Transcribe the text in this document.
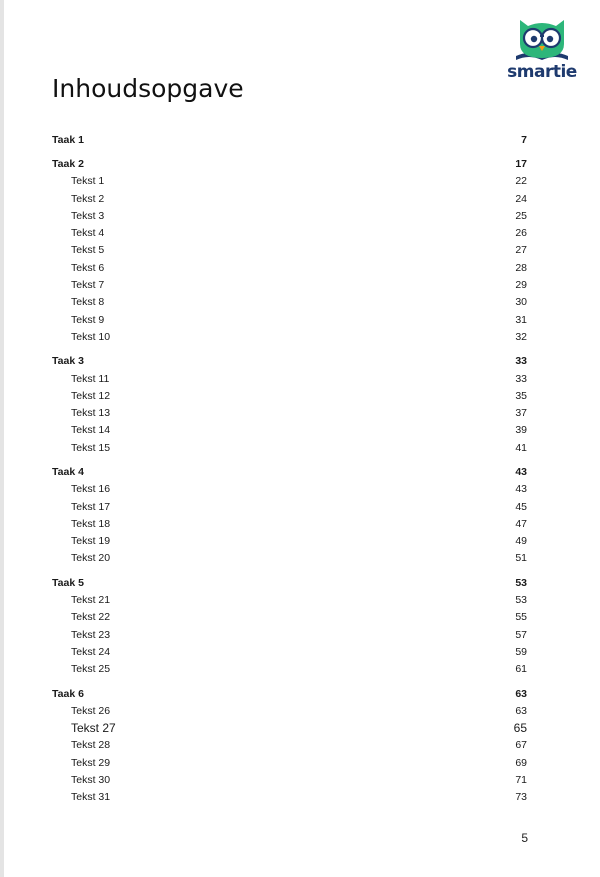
smartie
Inhoudsopgave
Taak 1	7
Taak 2	17
Tekst 1	22
Tekst 2	24
Tekst 3	25
Tekst 4	26
Tekst 5	27
Tekst 6	28
Tekst 7	29
Tekst 8	30
Tekst 9	31
Tekst 10	32
Taak 3	33
Tekst 11	33
Tekst 12	35
Tekst 13	37
Tekst 14	39
Tekst 15	41
Taak 4	43
Tekst 16	43
Tekst 17	45
Tekst 18	47
Tekst 19	49
Tekst 20	51
Taak 5	53
Tekst 21	53
Tekst 22	55
Tekst 23	57
Tekst 24	59
Tekst 25	61
Taak 6	63
Tekst 26	63
Tekst 27	65
Tekst 28	67
Tekst 29	69
Tekst 30	71
Tekst 31	73
5
